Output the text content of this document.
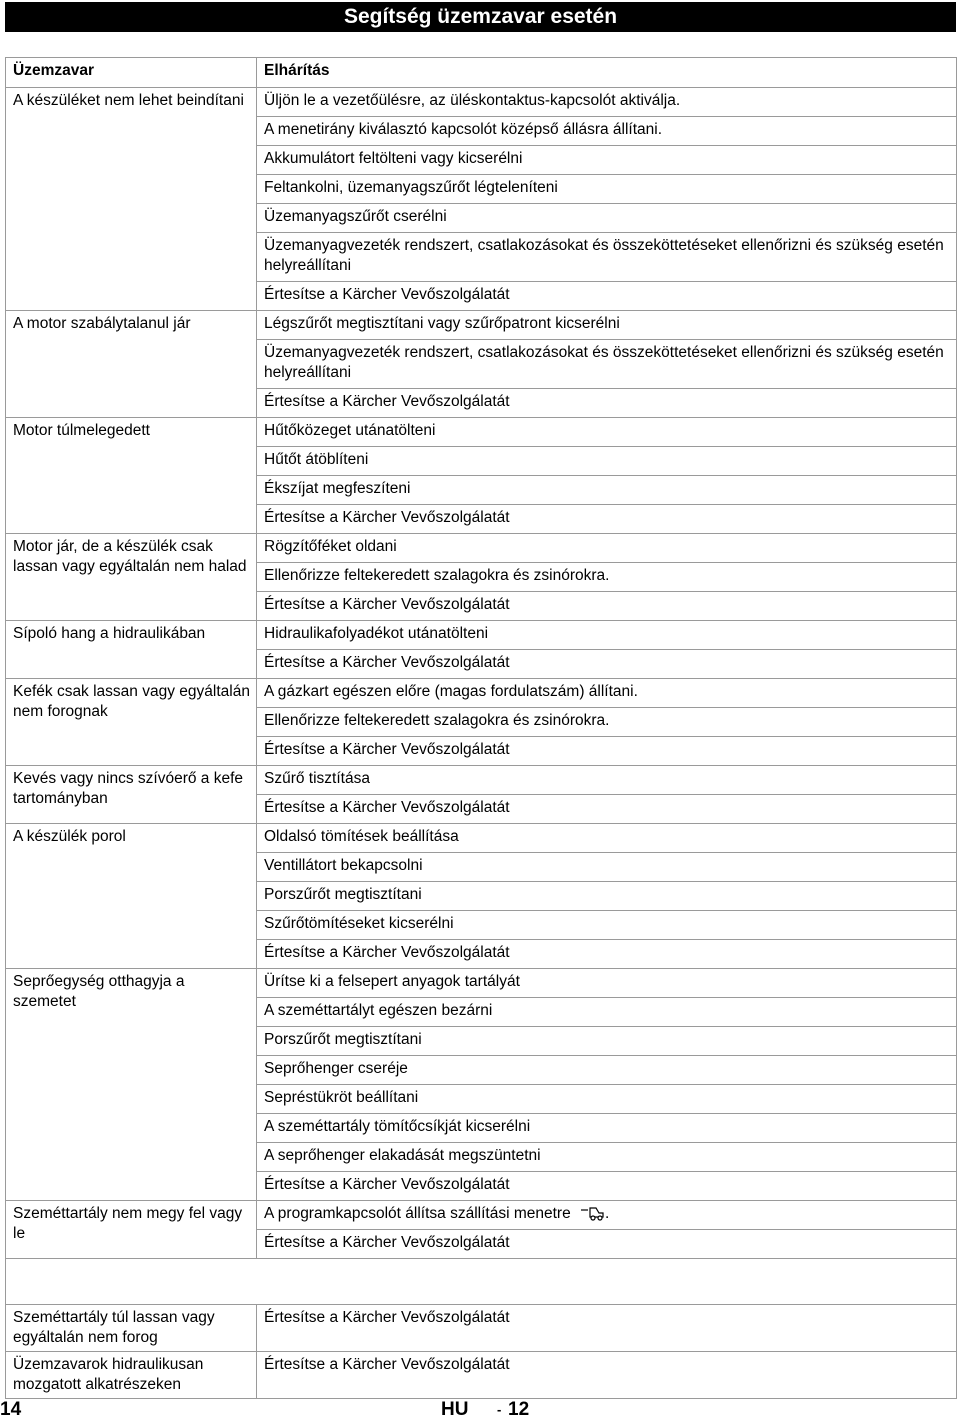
Segítség üzemzavar esetén
Üzemzavar	Elhárítás
A készüléket nem lehet beindítani	Üljön le a vezetőülésre, az üléskontaktus-kapcsolót aktiválja.
	A menetirány kiválasztó kapcsolót középső állásra állítani.
	Akkumulátort feltölteni vagy kicserélni
	Feltankolni, üzemanyagszűrőt légteleníteni
	Üzemanyagszűrőt cserélni
	Üzemanyagvezeték rendszert, csatlakozásokat és összeköttetéseket ellenőrizni és szükség esetén helyreállítani
	Értesítse a Kärcher Vevőszolgálatát
A motor szabálytalanul jár	Légszűrőt megtisztítani vagy szűrőpatront kicserélni
	Üzemanyagvezeték rendszert, csatlakozásokat és összeköttetéseket ellenőrizni és szükség esetén helyreállítani
	Értesítse a Kärcher Vevőszolgálatát
Motor túlmelegedett	Hűtőközeget utánatölteni
	Hűtőt átöblíteni
	Ékszíjat megfeszíteni
	Értesítse a Kärcher Vevőszolgálatát
Motor jár, de a készülék csak lassan vagy egyáltalán nem halad	Rögzítőféket oldani
	Ellenőrizze feltekeredett szalagokra és zsinórokra.
	Értesítse a Kärcher Vevőszolgálatát
Sípoló hang a hidraulikában	Hidraulikafolyadékot utánatölteni
	Értesítse a Kärcher Vevőszolgálatát
Kefék csak lassan vagy egyáltalán nem forognak	A gázkart egészen előre (magas fordulatszám) állítani.
	Ellenőrizze feltekeredett szalagokra és zsinórokra.
	Értesítse a Kärcher Vevőszolgálatát
Kevés vagy nincs szívóerő a kefe tartományban	Szűrő tisztítása
	Értesítse a Kärcher Vevőszolgálatát
A készülék porol	Oldalsó tömítések beállítása
	Ventillátort bekapcsolni
	Porszűrőt megtisztítani
	Szűrőtömítéseket kicserélni
	Értesítse a Kärcher Vevőszolgálatát
Seprőegység otthagyja a szemetet	Ürítse ki a felsepert anyagok tartályát
	A szeméttartályt egészen bezárni
	Porszűrőt megtisztítani
	Seprőhenger cseréje
	Sepréstükröt beállítani
	A szeméttartály tömítőcsíkját kicserélni
	A seprőhenger elakadását megszüntetni
	Értesítse a Kärcher Vevőszolgálatát
Szeméttartály nem megy fel vagy le	A programkapcsolót állítsa szállítási menetre .
	Értesítse a Kärcher Vevőszolgálatát

Szeméttartály túl lassan vagy egyáltalán nem forog	Értesítse a Kärcher Vevőszolgálatát
Üzemzavarok hidraulikusan mozgatott alkatrészeken	Értesítse a Kärcher Vevőszolgálatát
14	HU - 12
